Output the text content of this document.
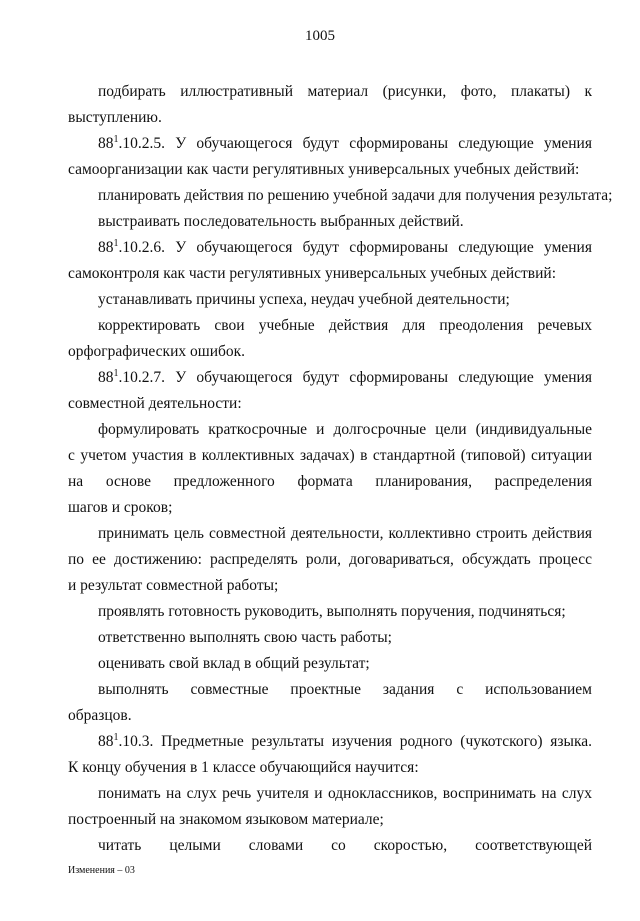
1005
подбирать иллюстративный материал (рисунки, фото, плакаты) к
выступлению.
$88^1.10.2.5$. У обучающегося будут сформированы следующие умения
самоорганизации как части регулятивных универсальных учебных действий:
планировать действия по решению учебной задачи для получения результата;
выстраивать последовательность выбранных действий.
$88^1.10.2.6$. У обучающегося будут сформированы следующие умения
самоконтроля как части регулятивных универсальных учебных действий:
устанавливать причины успеха, неудач учебной деятельности;
корректировать свои учебные действия для преодоления речевых
орфографических ошибок.
$88^1.10.2.7$. У обучающегося будут сформированы следующие умения
совместной деятельности:
формулировать краткосрочные и долгосрочные цели (индивидуальные
с учетом участия в коллективных задачах) в стандартной (типовой) ситуации
на основе предложенного формата планирования, распределения
шагов и сроков;
принимать цель совместной деятельности, коллективно строить действия
по ее достижению: распределять роли, договариваться, обсуждать процесс
и результат совместной работы;
проявлять готовность руководить, выполнять поручения, подчиняться;
ответственно выполнять свою часть работы;
оценивать свой вклад в общий результат;
выполнять совместные проектные задания с использованием
образцов.
$88^1.10.3$. Предметные результаты изучения родного (чукотского) языка.
К концу обучения в 1 классе обучающийся научится:
понимать на слух речь учителя и одноклассников, воспринимать на слух
построенный на знакомом языковом материале;
читать целыми словами со скоростью, соответствующей
Изменения – 03
